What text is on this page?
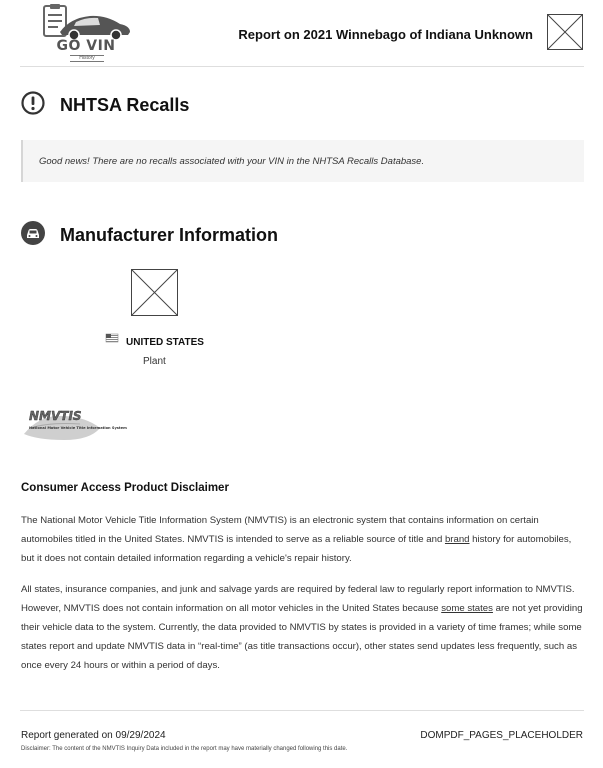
GO VIN
History
Report on 2021 Winnebago of Indiana Unknown
NHTSA Recalls
Good news! There are no recalls associated with your VIN in the NHTSA Recalls Database.
Manufacturer Information
UNITED STATES
Plant
NMVTIS
National Motor Vehicle Title Information System
Consumer Access Product Disclaimer
The National Motor Vehicle Title Information System (NMVTIS) is an electronic system that contains information on certain automobiles titled in the United States. NMVTIS is intended to serve as a reliable source of title and brand history for automobiles, but it does not contain detailed information regarding a vehicle's repair history.
All states, insurance companies, and junk and salvage yards are required by federal law to regularly report information to NMVTIS. However, NMVTIS does not contain information on all motor vehicles in the United States because some states are not yet providing their vehicle data to the system. Currently, the data provided to NMVTIS by states is provided in a variety of time frames; while some states report and update NMVTIS data in “real-time” (as title transactions occur), other states send updates less frequently, such as once every 24 hours or within a period of days.
Report generated on 09/29/2024	DOMPDF_PAGES_PLACEHOLDER
Disclaimer: The content of the NMVTIS Inquiry Data included in the report may have materially changed following this date.
